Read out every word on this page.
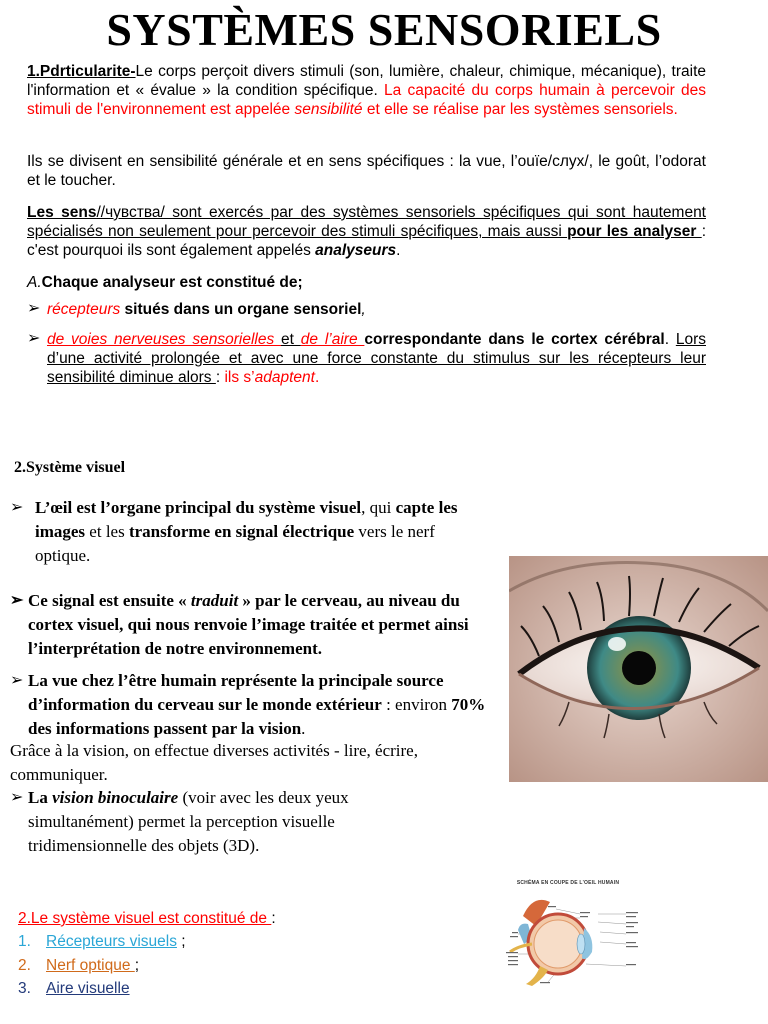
SYSTÈMES SENSORIELS
1.Pdrticularite-Le corps perçoit divers stimuli (son, lumière, chaleur, chimique, mécanique), traite l'information et « évalue » la condition spécifique. La capacité du corps humain à percevoir des stimuli de l'environnement est appelée sensibilité et elle se réalise par les systèmes sensoriels.
Ils se divisent en sensibilité générale et en sens spécifiques : la vue, l’ouïe/слух/, le goût, l’odorat et le toucher.
Les sens//чувства/ sont exercés par des systèmes sensoriels spécifiques qui sont hautement spécialisés non seulement pour percevoir des stimuli spécifiques, mais aussi pour les analyser : c'est pourquoi ils sont également appelés analyseurs.
A.Chaque analyseur est constitué de;
➢ récepteurs situés dans un organe sensoriel,
➢ de voies nerveuses sensorielles et de l’aire correspondante dans le cortex cérébral. Lors d’une activité prolongée et avec une force constante du stimulus sur les récepteurs leur sensibilité diminue alors : ils s’adaptent.
2.Système visuel
➢ L’œil est l’organe principal du système visuel, qui capte les images et les transforme en signal électrique vers le nerf optique.
➢ Ce signal est ensuite « traduit » par le cerveau, au niveau du cortex visuel, qui nous renvoie l’image traitée et permet ainsi l’interprétation de notre environnement.
➢ La vue chez l’être humain représente la principale source d’information du cerveau sur le monde extérieur : environ 70% des informations passent par la vision.
Grâce à la vision, on effectue diverses activités - lire, écrire, communiquer.
➢ La vision binoculaire (voir avec les deux yeux simultanément) permet la perception visuelle tridimensionnelle des objets (3D).
2.Le système visuel est constitué de :
1. Récepteurs visuels ;
2. Nerf optique ;
3. Aire visuelle
SCHÉMA EN COUPE DE L'OEIL HUMAIN
